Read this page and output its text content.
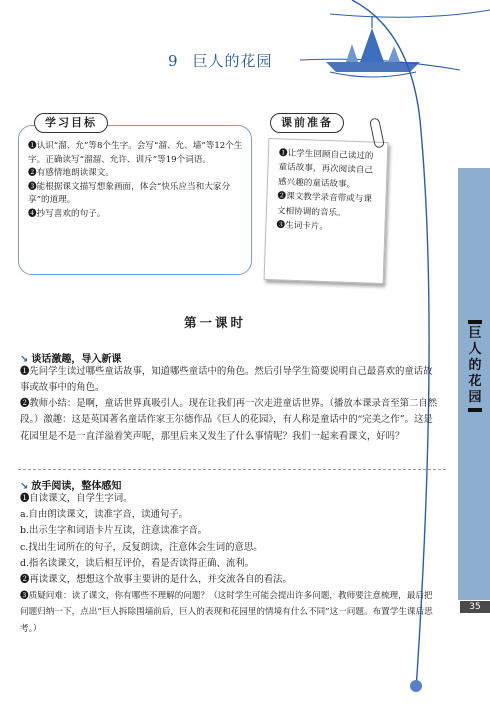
巨
人
的
花
园
35
9 巨人的花园
学习目标
❶认识“溜、允”等8个生字。会写“溜、允、墙”等12个生字。正确读写“溜溜、允许、训斥”等19个词语。
❷有感情地朗读课文。
❸能根据课文描写想象画面，体会“快乐应当和大家分享”的道理。
❹抄写喜欢的句子。
课前准备
❶让学生回顾自己读过的童话故事，再次阅读自己感兴趣的童话故事。
❷课文教学录音带或与课文相协调的音乐。
❸生词卡片。
第一课时
↘ 谈话激趣，导入新课

❶先问学生读过哪些童话故事，知道哪些童话中的角色。然后引导学生简要说明自己最喜欢的童话故事或故事中的角色。

❷教师小结：是啊，童话世界真吸引人。现在让我们再一次走进童话世界。（播放本课录音至第二自然段。）激趣：这是英国著名童话作家王尔德作品《巨人的花园》，有人称是童话中的“完美之作”。这是花园里是不是一直洋溢着笑声呢，那里后来又发生了什么事情呢？我们一起来看课文，好吗？

↘ 放手阅读，整体感知
❶自读课文，自学生字词。
a.自由朗读课文，读准字音，读通句子。
b.出示生字和词语卡片互读，注意读准字音。
c.找出生词所在的句子，反复朗读，注意体会生词的意思。
d.指名读课文，读后相互评价，看是否读得正确、流利。
❷再读课文，想想这个故事主要讲的是什么，并交流各自的看法。
❸质疑问难：读了课文，你有哪些不理解的问题？（这时学生可能会提出许多问题，教师要注意梳理，最后把问题归纳一下，点出“巨人拆除围墙前后，巨人的表现和花园里的情境有什么不同”这一问题。布置学生课后思考。）
